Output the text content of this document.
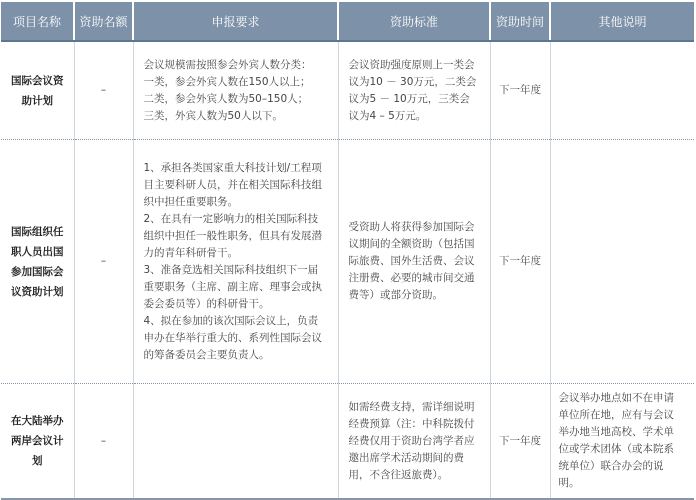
项目名称	资助名额	申报要求	资助标准	资助时间	其他说明
国际会议资助计划	–	会议规模需按照参会外宾人数分类：
一类，参会外宾人数在150人以上；
二类，参会外宾人数为50–150人；
三类，外宾人数为50人以下。	会议资助强度原则上一类会议为10 － 30万元，二类会议为5 － 10万元，三类会议为4 – 5万元。	下一年度	
国际组织任职人员出国参加国际会议资助计划	–	1、承担各类国家重大科技计划/工程项目主要科研人员，并在相关国际科技组织中担任重要职务。
2、在具有一定影响力的相关国际科技组织中担任一般性职务，但具有发展潜力的青年科研骨干。
3、准备竞选相关国际科技组织下一届重要职务（主席、副主席、理事会或执委会委员等）的科研骨干。
4、拟在参加的该次国际会议上，负责申办在华举行重大的、系列性国际会议的筹备委员会主要负责人。	受资助人将获得参加国际会议期间的全额资助（包括国际旅费、国外生活费、会议注册费、必要的城市间交通费等）或部分资助。	下一年度	
在大陆举办两岸会议计划	–		如需经费支持，需详细说明经费预算（注：中科院拨付经费仅用于资助台湾学者应邀出席学术活动期间的费用，不含往返旅费）。	下一年度	会议举办地点如不在申请单位所在地，应有与会议举办地当地高校、学术单位或学术团体（或本院系统单位）联合办会的说明。
